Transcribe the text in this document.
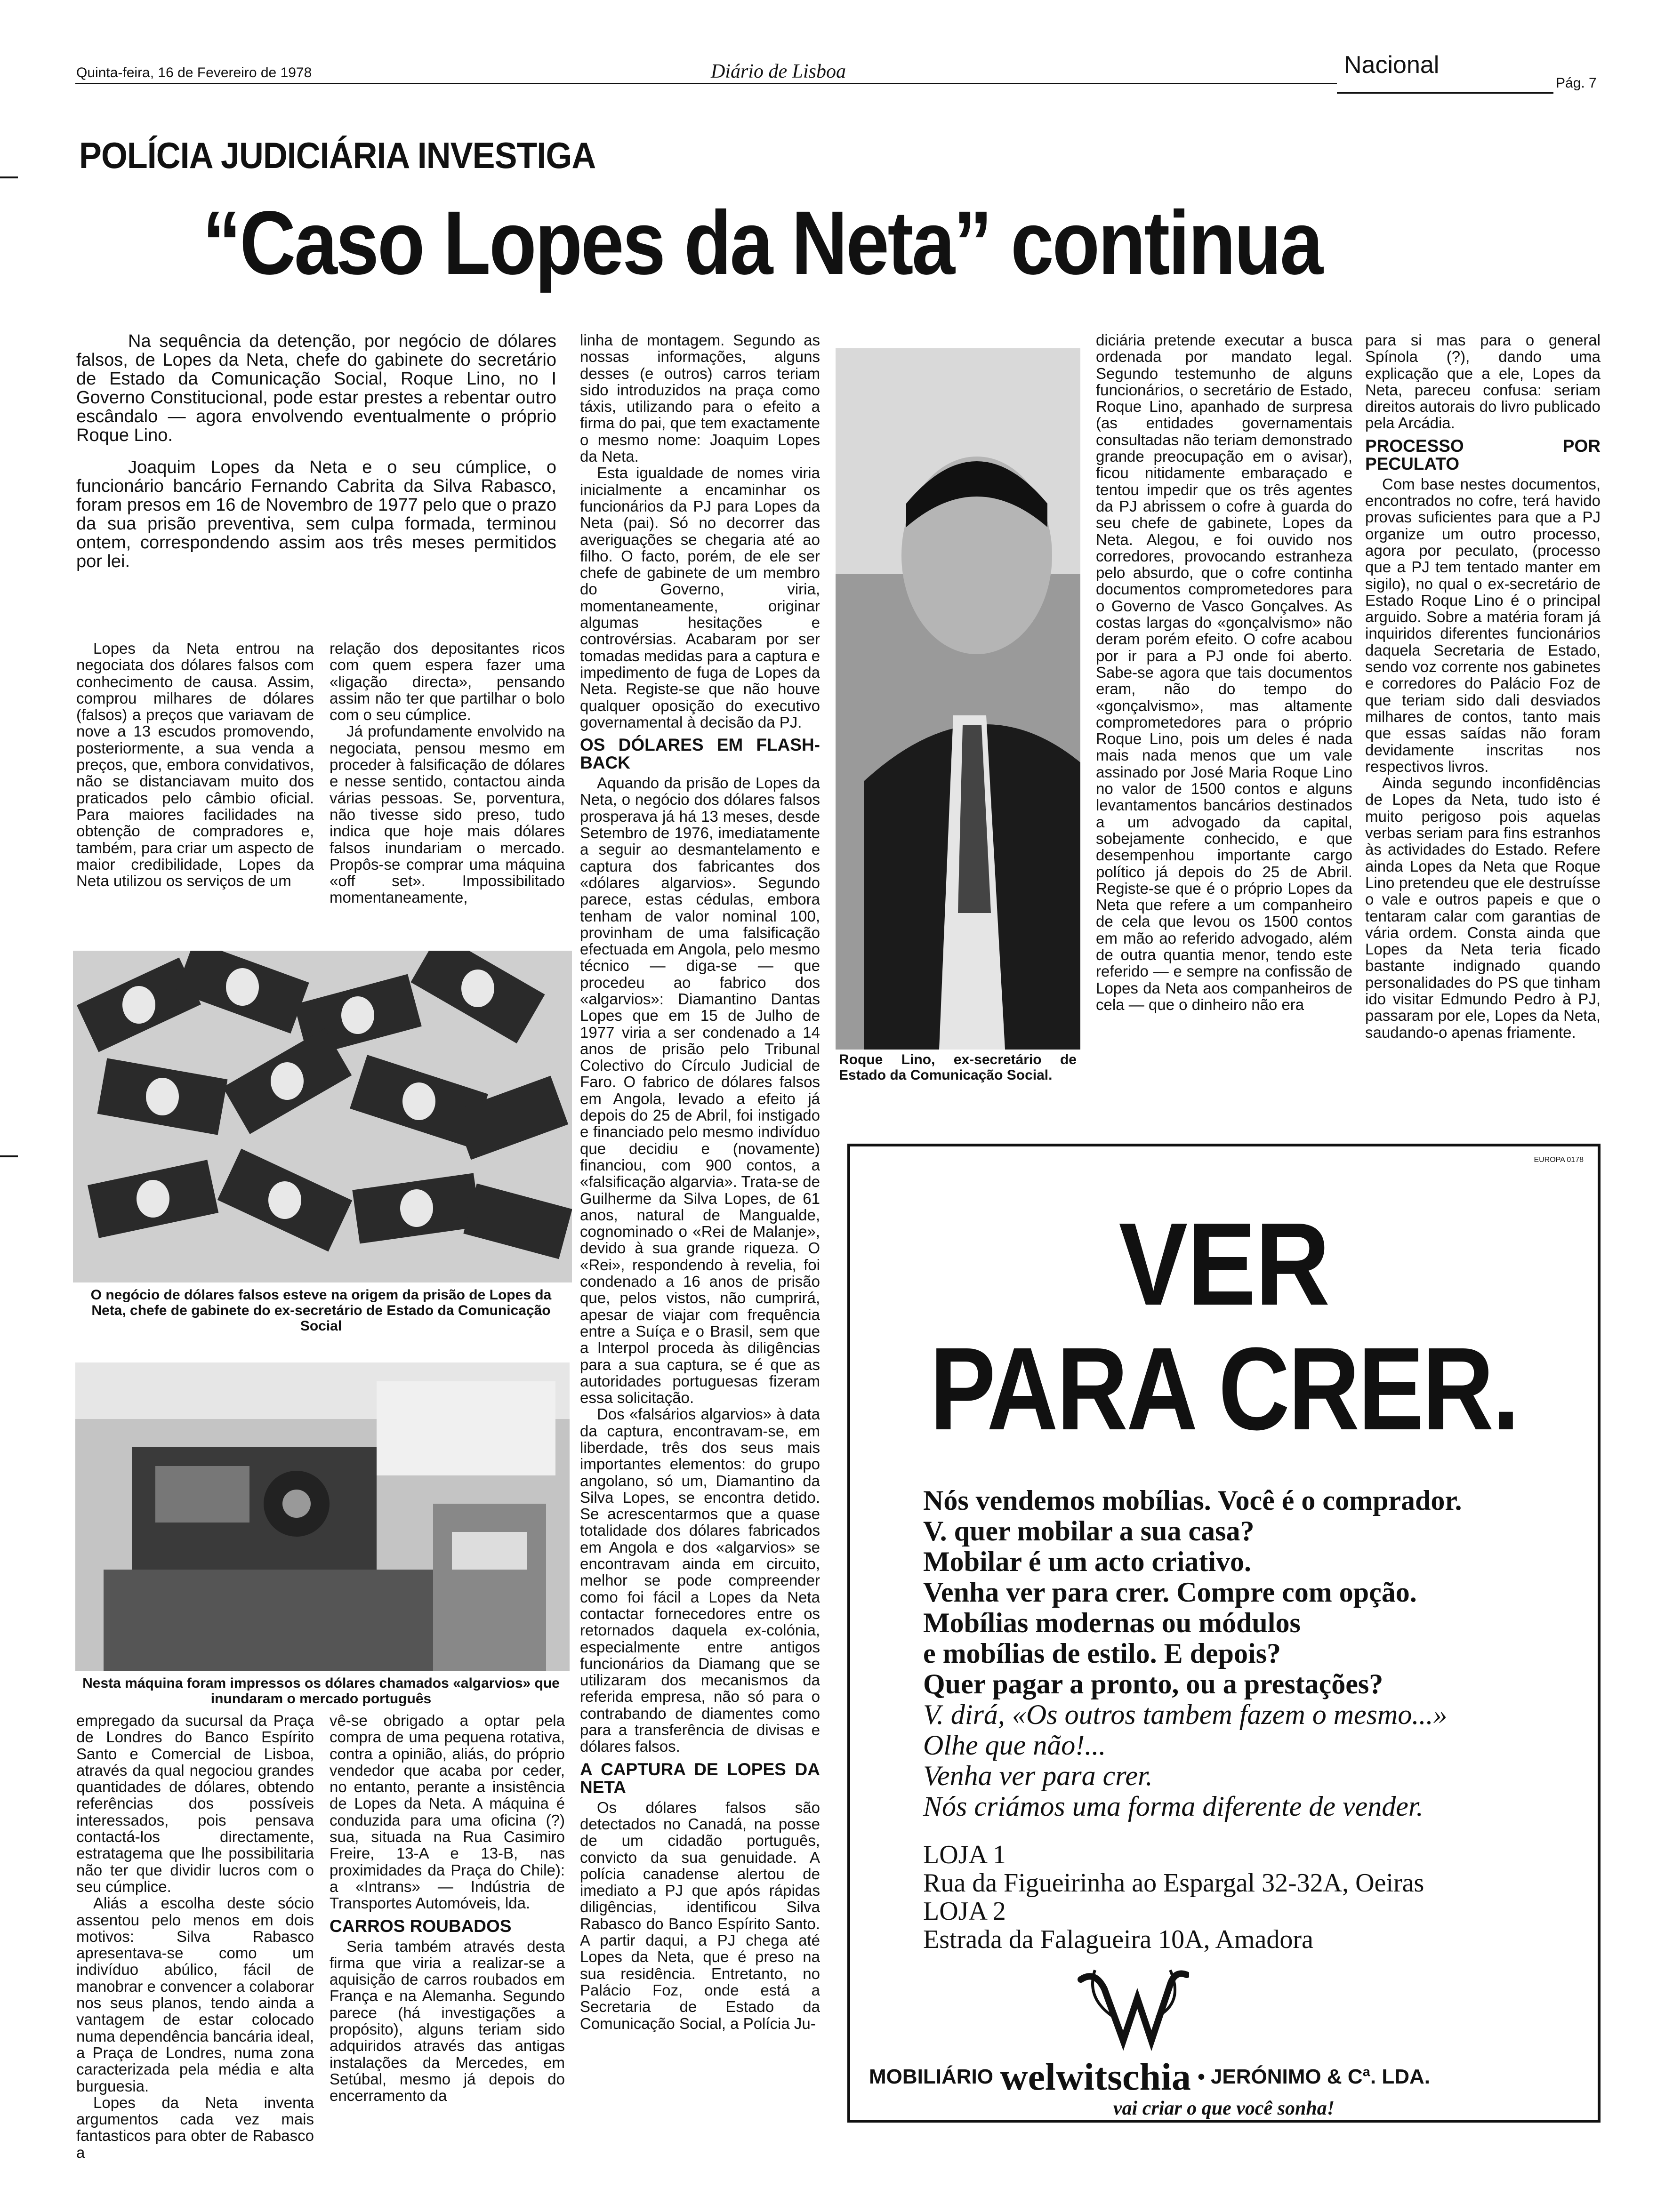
Quinta-feira, 16 de Fevereiro de 1978	Diário de Lisboa	Nacional
Pág. 7
POLÍCIA JUDICIÁRIA INVESTIGA
“Caso Lopes da Neta” continua

Na sequência da detenção, por negócio de dólares falsos, de Lopes da Neta, chefe do gabinete do secretário de Estado da Comunicação Social, Roque Lino, no I Governo Constitucional, pode estar prestes a rebentar outro escândalo — agora envolvendo eventualmente o próprio Roque Lino.

Joaquim Lopes da Neta e o seu cúmplice, o funcionário bancário Fernando Cabrita da Silva Rabasco, foram presos em 16 de Novembro de 1977 pelo que o prazo da sua prisão preventiva, sem culpa formada, terminou ontem, correspondendo assim aos três meses permitidos por lei.

Lopes da Neta entrou na negociata dos dólares falsos com conhecimento de causa. Assim, comprou milhares de dólares (falsos) a preços que variavam de nove a 13 escudos promovendo, posteriormente, a sua venda a preços, que, embora convidativos, não se distanciavam muito dos praticados pelo câmbio oficial. Para maiores facilidades na obtenção de compradores e, também, para criar um aspecto de maior credibilidade, Lopes da Neta utilizou os serviços de um

relação dos depositantes ricos com quem espera fazer uma «ligação directa», pensando assim não ter que partilhar o bolo com o seu cúmplice.

Já profundamente envolvido na negociata, pensou mesmo em proceder à falsificação de dólares e nesse sentido, contactou ainda várias pessoas. Se, porventura, não tivesse sido preso, tudo indica que hoje mais dólares falsos inundariam o mercado. Propôs-se comprar uma máquina «off set». Impossibilitado momentaneamente,

O negócio de dólares falsos esteve na origem da prisão de Lopes da Neta, chefe de gabinete do ex-secretário de Estado da Comunicação Social
Nesta máquina foram impressos os dólares chamados «algarvios» que inundaram o mercado português

empregado da sucursal da Praça de Londres do Banco Espírito Santo e Comercial de Lisboa, através da qual negociou grandes quantidades de dólares, obtendo referências dos possíveis interessados, pois pensava contactá-los directamente, estratagema que lhe possibilitaria não ter que dividir lucros com o seu cúmplice.

Aliás a escolha deste sócio assentou pelo menos em dois motivos: Silva Rabasco apresentava-se como um indivíduo abúlico, fácil de manobrar e convencer a colaborar nos seus planos, tendo ainda a vantagem de estar colocado numa dependência bancária ideal, a Praça de Londres, numa zona caracterizada pela média e alta burguesia.

Lopes da Neta inventa argumentos cada vez mais fantasticos para obter de Rabasco a

vê-se obrigado a optar pela compra de uma pequena rotativa, contra a opinião, aliás, do próprio vendedor que acaba por ceder, no entanto, perante a insistência de Lopes da Neta. A máquina é conduzida para uma oficina (?) sua, situada na Rua Casimiro Freire, 13-A e 13-B, nas proximidades da Praça do Chile): a «Intrans» — Indústria de Transportes Automóveis, lda.

CARROS ROUBADOS

Seria também através desta firma que viria a realizar-se a aquisição de carros roubados em França e na Alemanha. Segundo parece (há investigações a propósito), alguns teriam sido adquiridos através das antigas instalações da Mercedes, em Setúbal, mesmo já depois do encerramento da

linha de montagem. Segundo as nossas informações, alguns desses (e outros) carros teriam sido introduzidos na praça como táxis, utilizando para o efeito a firma do pai, que tem exactamente o mesmo nome: Joaquim Lopes da Neta.

Esta igualdade de nomes viria inicialmente a encaminhar os funcionários da PJ para Lopes da Neta (pai). Só no decorrer das averiguações se chegaria até ao filho. O facto, porém, de ele ser chefe de gabinete de um membro do Governo, viria, momentaneamente, originar algumas hesitações e controvérsias. Acabaram por ser tomadas medidas para a captura e impedimento de fuga de Lopes da Neta. Registe-se que não houve qualquer oposição do executivo governamental à decisão da PJ.

OS DÓLARES EM FLASH-BACK

Aquando da prisão de Lopes da Neta, o negócio dos dólares falsos prosperava já há 13 meses, desde Setembro de 1976, imediatamente a seguir ao desmantelamento e captura dos fabricantes dos «dólares algarvios». Segundo parece, estas cédulas, embora tenham de valor nominal 100, provinham de uma falsificação efectuada em Angola, pelo mesmo técnico — diga-se — que procedeu ao fabrico dos «algarvios»: Diamantino Dantas Lopes que em 15 de Julho de 1977 viria a ser condenado a 14 anos de prisão pelo Tribunal Colectivo do Círculo Judicial de Faro. O fabrico de dólares falsos em Angola, levado a efeito já depois do 25 de Abril, foi instigado e financiado pelo mesmo indivíduo que decidiu e (novamente) financiou, com 900 contos, a «falsificação algarvia». Trata-se de Guilherme da Silva Lopes, de 61 anos, natural de Mangualde, cognominado o «Rei de Malanje», devido à sua grande riqueza. O «Rei», respondendo à revelia, foi condenado a 16 anos de prisão que, pelos vistos, não cumprirá, apesar de viajar com frequência entre a Suíça e o Brasil, sem que a Interpol proceda às diligências para a sua captura, se é que as autoridades portuguesas fizeram essa solicitação.

Dos «falsários algarvios» à data da captura, encontravam-se, em liberdade, três dos seus mais importantes elementos: do grupo angolano, só um, Diamantino da Silva Lopes, se encontra detido. Se acrescentarmos que a quase totalidade dos dólares fabricados em Angola e dos «algarvios» se encontravam ainda em circuito, melhor se pode compreender como foi fácil a Lopes da Neta contactar fornecedores entre os retornados daquela ex-colónia, especialmente entre antigos funcionários da Diamang que se utilizaram dos mecanismos da referida empresa, não só para o contrabando de diamentes como para a transferência de divisas e dólares falsos.

A CAPTURA DE LOPES DA NETA

Os dólares falsos são detectados no Canadá, na posse de um cidadão português, convicto da sua genuidade. A polícia canadense alertou de imediato a PJ que após rápidas diligências, identificou Silva Rabasco do Banco Espírito Santo. A partir daqui, a PJ chega até Lopes da Neta, que é preso na sua residência. Entretanto, no Palácio Foz, onde está a Secretaria de Estado da Comunicação Social, a Polícia Ju-

Roque Lino, ex-secretário de Estado da Comunicação Social.

diciária pretende executar a busca ordenada por mandato legal. Segundo testemunho de alguns funcionários, o secretário de Estado, Roque Lino, apanhado de surpresa (as entidades governamentais consultadas não teriam demonstrado grande preocupação em o avisar), ficou nitidamente embaraçado e tentou impedir que os três agentes da PJ abrissem o cofre à guarda do seu chefe de gabinete, Lopes da Neta. Alegou, e foi ouvido nos corredores, provocando estranheza pelo absurdo, que o cofre continha documentos comprometedores para o Governo de Vasco Gonçalves. As costas largas do «gonçalvismo» não deram porém efeito. O cofre acabou por ir para a PJ onde foi aberto. Sabe-se agora que tais documentos eram, não do tempo do «gonçalvismo», mas altamente comprometedores para o próprio Roque Lino, pois um deles é nada mais nada menos que um vale assinado por José Maria Roque Lino no valor de 1500 contos e alguns levantamentos bancários destinados a um advogado da capital, sobejamente conhecido, e que desempenhou importante cargo político já depois do 25 de Abril. Registe-se que é o próprio Lopes da Neta que refere a um companheiro de cela que levou os 1500 contos em mão ao referido advogado, além de outra quantia menor, tendo este referido — e sempre na confissão de Lopes da Neta aos companheiros de cela — que o dinheiro não era

para si mas para o general Spínola (?), dando uma explicação que a ele, Lopes da Neta, pareceu confusa: seriam direitos autorais do livro publicado pela Arcádia.

PROCESSO POR PECULATO

Com base nestes documentos, encontrados no cofre, terá havido provas suficientes para que a PJ organize um outro processo, agora por peculato, (processo que a PJ tem tentado manter em sigilo), no qual o ex-secretário de Estado Roque Lino é o principal arguido. Sobre a matéria foram já inquiridos diferentes funcionários daquela Secretaria de Estado, sendo voz corrente nos gabinetes e corredores do Palácio Foz de que teriam sido dali desviados milhares de contos, tanto mais que essas saídas não foram devidamente inscritas nos respectivos livros.

Ainda segundo inconfidências de Lopes da Neta, tudo isto é muito perigoso pois aquelas verbas seriam para fins estranhos às actividades do Estado. Refere ainda Lopes da Neta que Roque Lino pretendeu que ele destruísse o vale e outros papeis e que o tentaram calar com garantias de vária ordem. Consta ainda que Lopes da Neta teria ficado bastante indignado quando personalidades do PS que tinham ido visitar Edmundo Pedro à PJ, passaram por ele, Lopes da Neta, saudando-o apenas friamente.

EUROPA 0178
VER
PARA CRER.
Nós vendemos mobílias. Você é o comprador.
V. quer mobilar a sua casa?
Mobilar é um acto criativo.
Venha ver para crer. Compre com opção.
Mobílias modernas ou módulos
e mobílias de estilo. E depois?
Quer pagar a pronto, ou a prestações?
V. dirá, «Os outros tambem fazem o mesmo...»
Olhe que não!...
Venha ver para crer.
Nós criámos uma forma diferente de vender.
LOJA 1
Rua da Figueirinha ao Espargal 32-32A, Oeiras
LOJA 2
Estrada da Falagueira 10A, Amadora
MOBILIÁRIO welwitschia • JERÓNIMO & Cª. LDA.
vai criar o que você sonha!
